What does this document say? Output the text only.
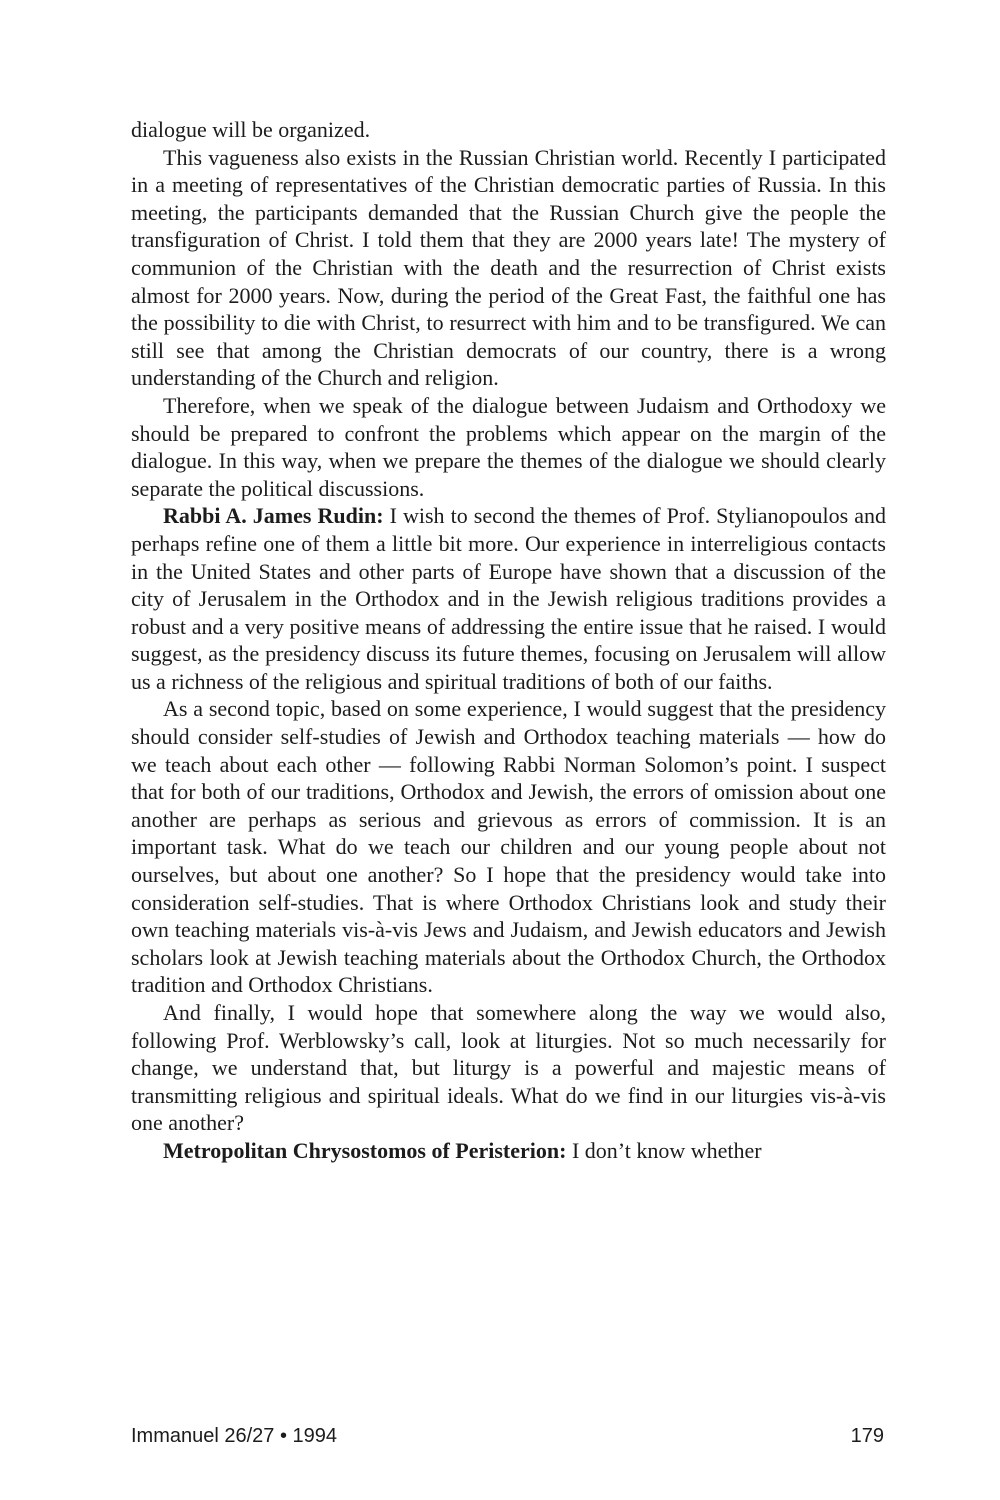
dialogue will be organized.

This vagueness also exists in the Russian Christian world. Recently I participated in a meeting of representatives of the Christian democratic parties of Russia. In this meeting, the participants demanded that the Russian Church give the people the transfiguration of Christ. I told them that they are 2000 years late! The mystery of communion of the Christian with the death and the resurrection of Christ exists almost for 2000 years. Now, during the period of the Great Fast, the faithful one has the possibility to die with Christ, to resurrect with him and to be transfigured. We can still see that among the Christian democrats of our country, there is a wrong understanding of the Church and religion.

Therefore, when we speak of the dialogue between Judaism and Orthodoxy we should be prepared to confront the problems which appear on the margin of the dialogue. In this way, when we prepare the themes of the dialogue we should clearly separate the political discussions.

Rabbi A. James Rudin: I wish to second the themes of Prof. Stylianopoulos and perhaps refine one of them a little bit more. Our experience in interreligious contacts in the United States and other parts of Europe have shown that a discussion of the city of Jerusalem in the Orthodox and in the Jewish religious traditions provides a robust and a very positive means of addressing the entire issue that he raised. I would suggest, as the presidency discuss its future themes, focusing on Jerusalem will allow us a richness of the religious and spiritual traditions of both of our faiths.

As a second topic, based on some experience, I would suggest that the presidency should consider self-studies of Jewish and Orthodox teaching materials — how do we teach about each other — following Rabbi Norman Solomon’s point. I suspect that for both of our traditions, Orthodox and Jewish, the errors of omission about one another are perhaps as serious and grievous as errors of commission. It is an important task. What do we teach our children and our young people about not ourselves, but about one another? So I hope that the presidency would take into consideration self-studies. That is where Orthodox Christians look and study their own teaching materials vis-à-vis Jews and Judaism, and Jewish educators and Jewish scholars look at Jewish teaching materials about the Orthodox Church, the Orthodox tradition and Orthodox Christians.

And finally, I would hope that somewhere along the way we would also, following Prof. Werblowsky’s call, look at liturgies. Not so much necessarily for change, we understand that, but liturgy is a powerful and majestic means of transmitting religious and spiritual ideals. What do we find in our liturgies vis-à-vis one another?

Metropolitan Chrysostomos of Peristerion: I don’t know whether

Immanuel 26/27 • 1994	179
